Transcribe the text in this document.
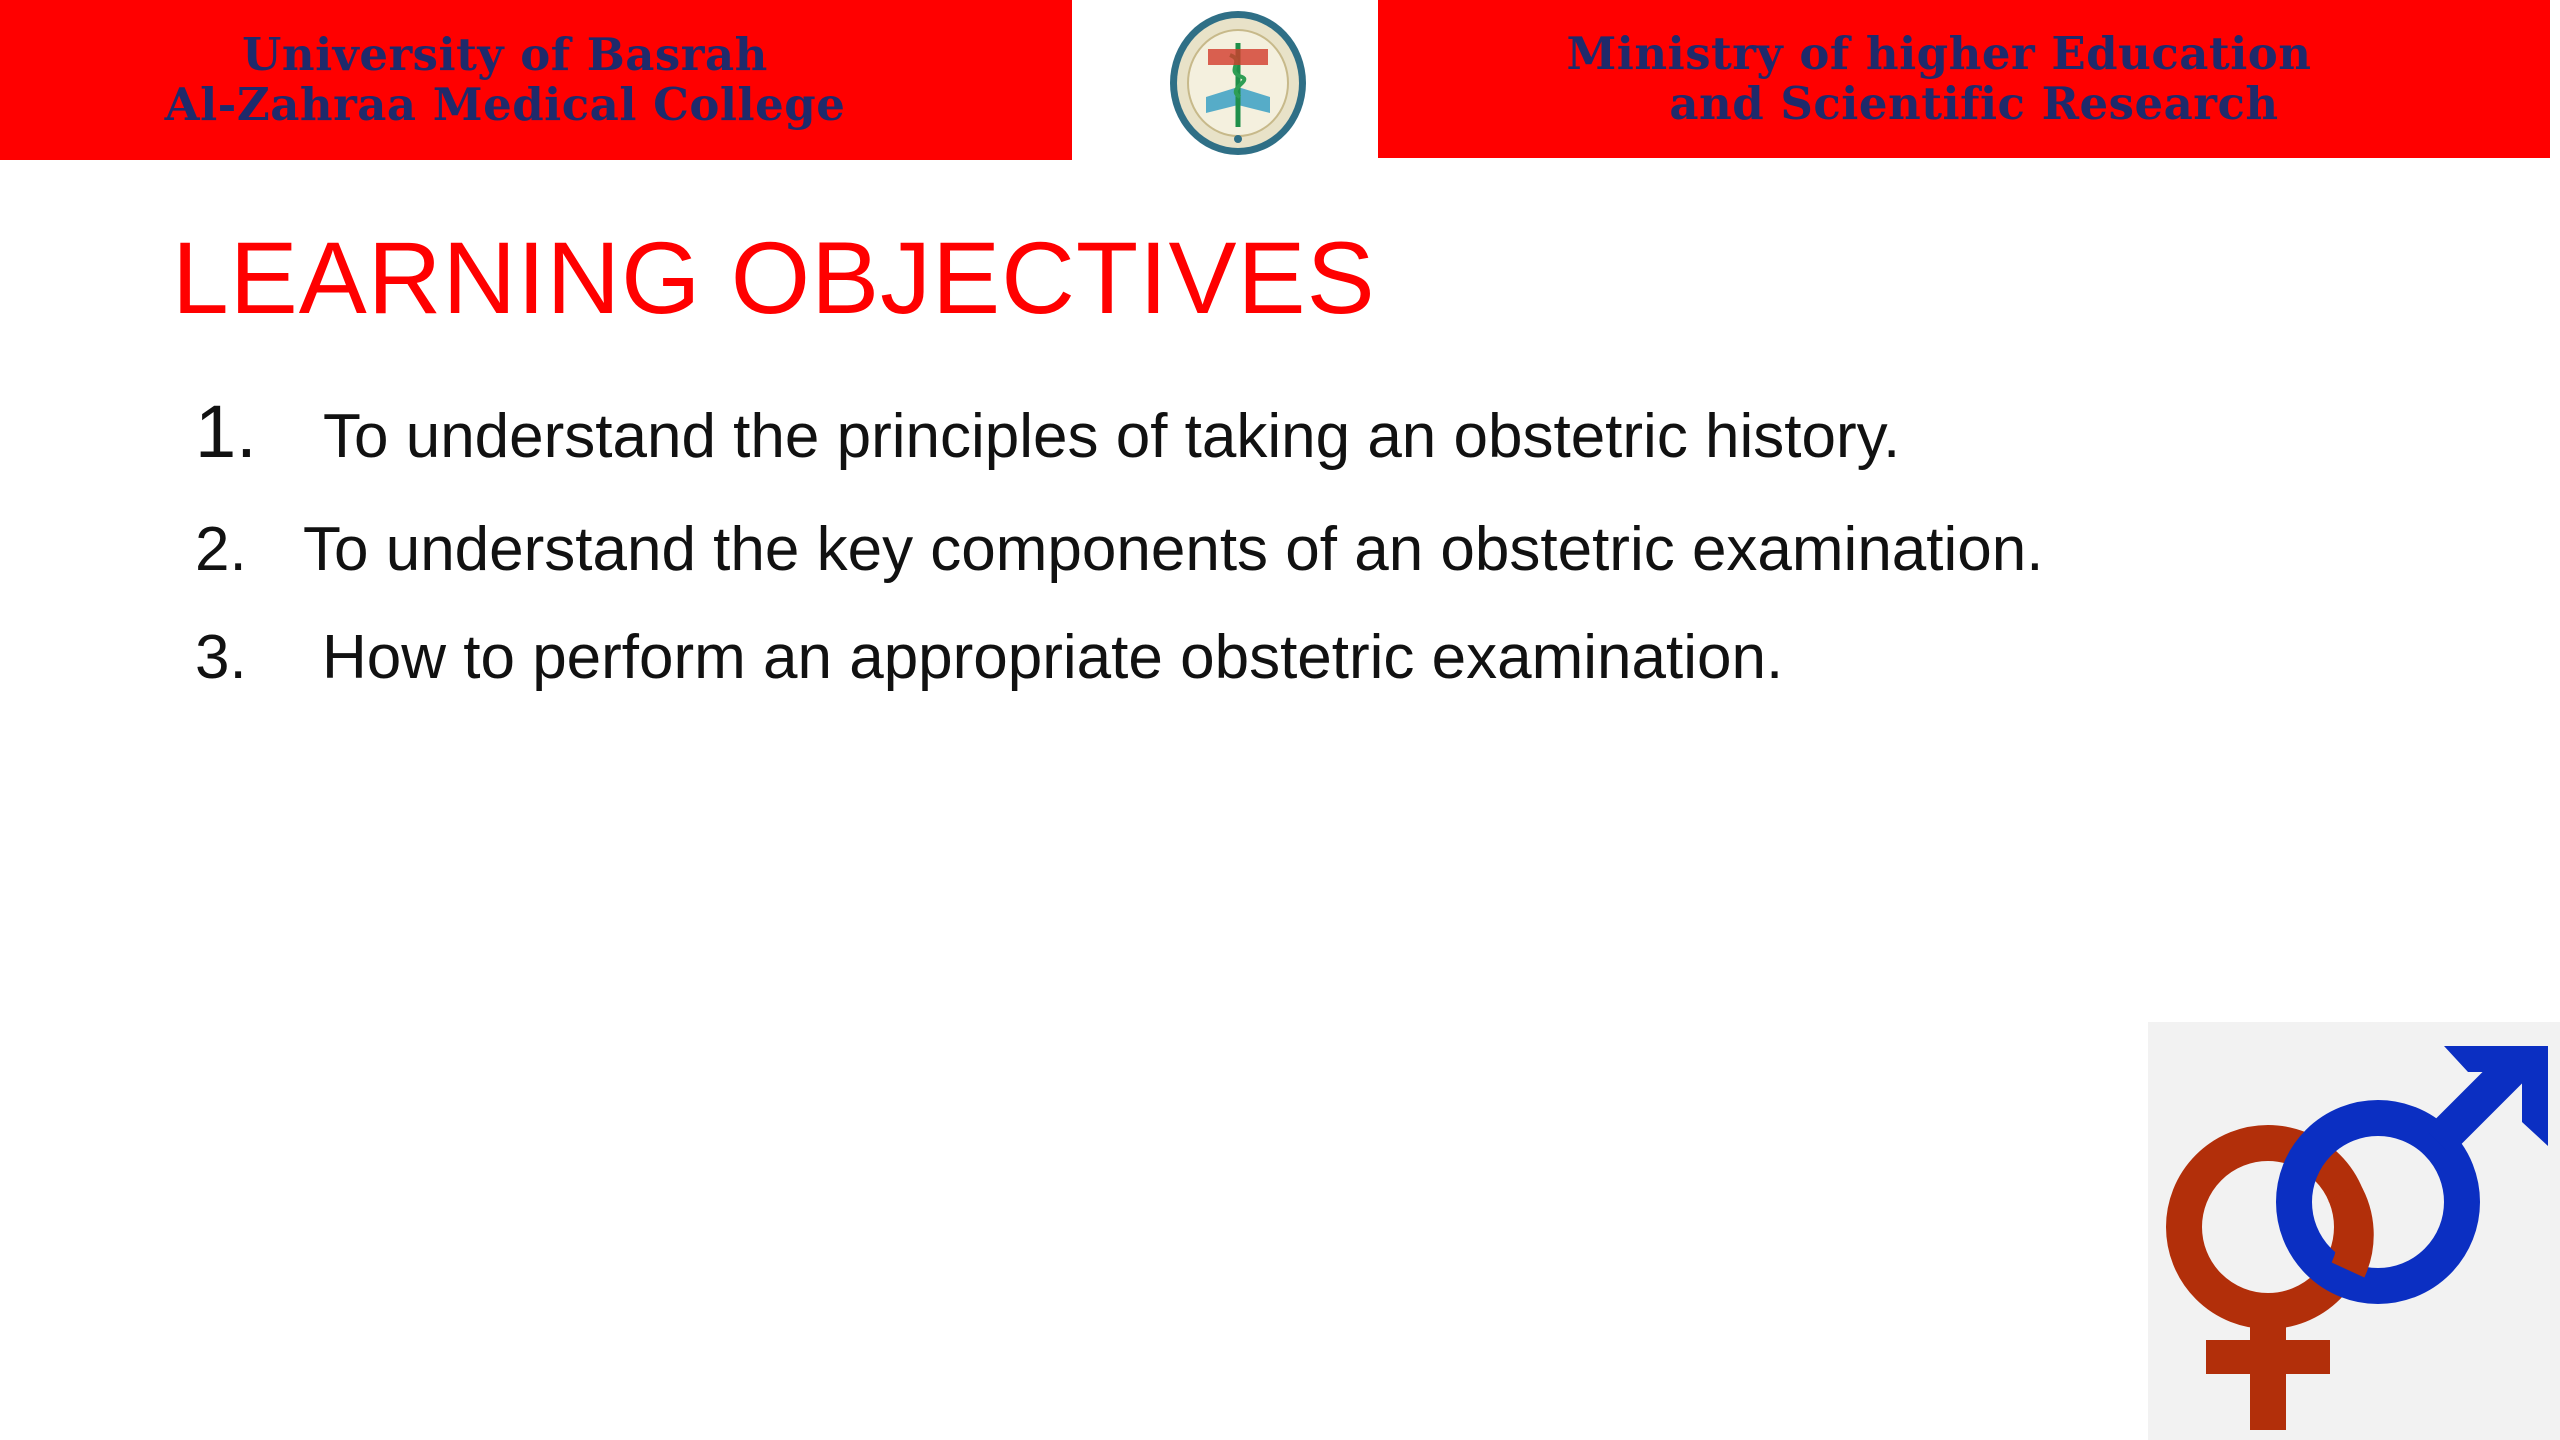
University of Basrah
Al-Zahraa Medical College
Ministry of higher Education
and Scientific Research
LEARNING OBJECTIVES
1. To understand the principles of taking an obstetric history.
2. To understand the key components of an obstetric examination.
3. How to perform an appropriate obstetric examination.
